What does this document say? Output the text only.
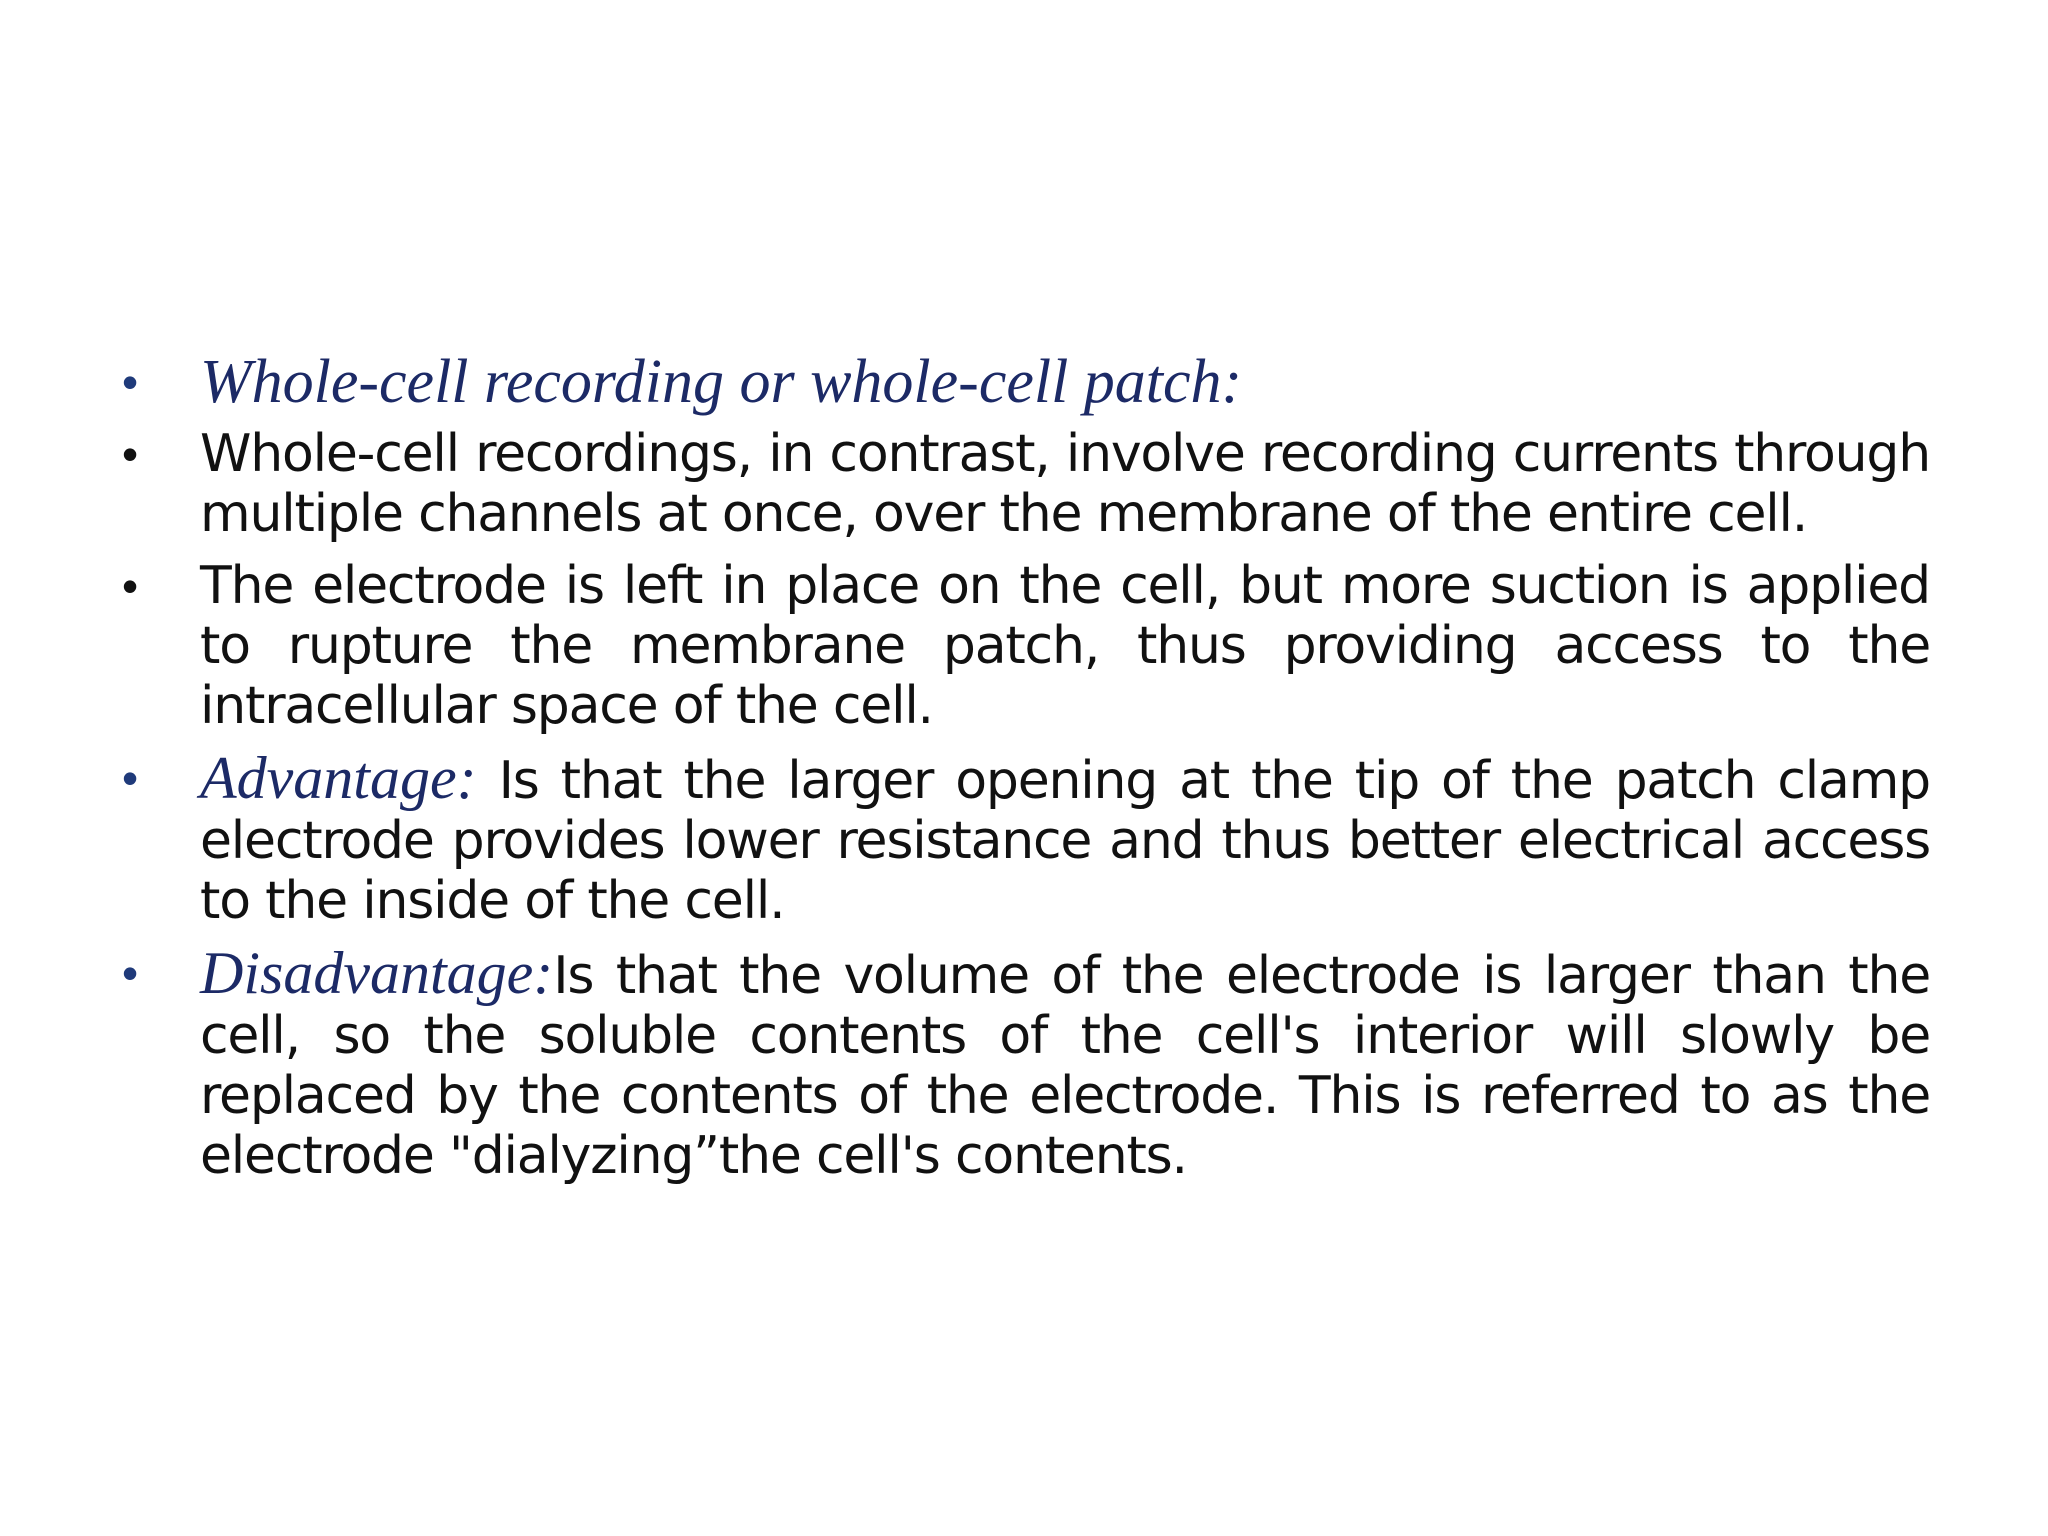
• Whole-cell recording or whole-cell patch:
•	Whole-cell recordings, in contrast, involve recording currents through multiple channels at once, over the membrane of the entire cell.
•	The electrode is left in place on the cell, but more suction is applied to rupture the membrane patch, thus providing access to the intracellular space of the cell.
•	Advantage: Is that the larger opening at the tip of the patch clamp electrode provides lower resistance and thus better electrical access to the inside of the cell.
•	Disadvantage:Is that the volume of the electrode is larger than the cell, so the soluble contents of the cell's interior will slowly be replaced by the contents of the electrode. This is referred to as the electrode "dialyzing”the cell's contents.
